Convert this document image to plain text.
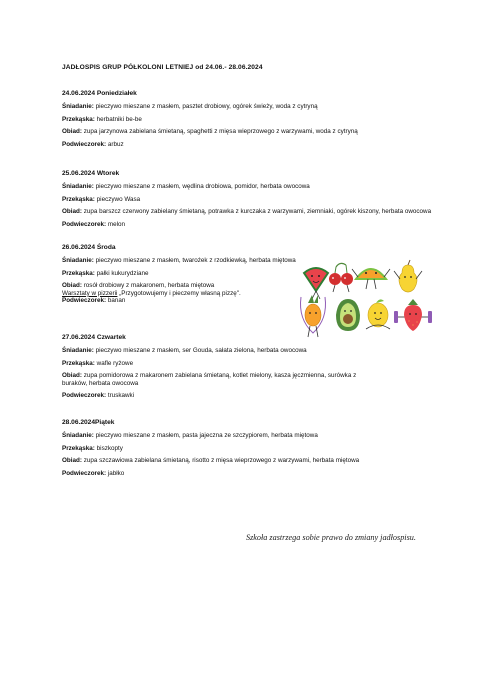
JADŁOSPIS GRUP PÓŁKOLONI LETNIEJ od 24.06.- 28.06.2024
24.06.2024 Poniedziałek
Śniadanie: pieczywo mieszane z masłem, pasztet drobiowy, ogórek świeży, woda z cytryną
Przekąska: herbatniki be-be
Obiad: zupa jarzynowa zabielana śmietaną, spaghetti z mięsa wieprzowego z warzywami, woda z cytryną
Podwieczorek: arbuz
25.06.2024 Wtorek
Śniadanie: pieczywo mieszane z masłem, wędlina drobiowa, pomidor, herbata owocowa
Przekąska: pieczywo Wasa
Obiad: zupa barszcz czerwony zabielany śmietaną, potrawka z kurczaka z warzywami, ziemniaki, ogórek kiszony, herbata owocowa
Podwieczorek: melon
26.06.2024 Środa
Śniadanie: pieczywo mieszane z masłem, twarożek z rzodkiewką, herbata miętowa
Przekąska: pałki kukurydziane
Obiad: rosół drobiowy z makaronem, herbata miętowa
Warsztaty w pizzerii „Przygotowujemy i pieczemy własną pizzę".
Podwieczorek: banan
27.06.2024 Czwartek
Śniadanie: pieczywo mieszane z masłem, ser Gouda, sałata zielona, herbata owocowa
Przekąska: wafle ryżowe
Obiad: zupa pomidorowa z makaronem zabielana śmietaną, kotlet mielony, kasza jęczmienna, surówka z buraków, herbata owocowa
Podwieczorek: truskawki
28.06.2024Piątek
Śniadanie: pieczywo mieszane z masłem, pasta jajeczna ze szczypiorem, herbata miętowa
Przekąska: biszkopty
Obiad: zupa szczawiowa zabielana śmietaną, risotto z mięsa wieprzowego z warzywami, herbata miętowa
Podwieczorek: jabłko
Szkoła zastrzega sobie prawo do zmiany jadłospisu.
